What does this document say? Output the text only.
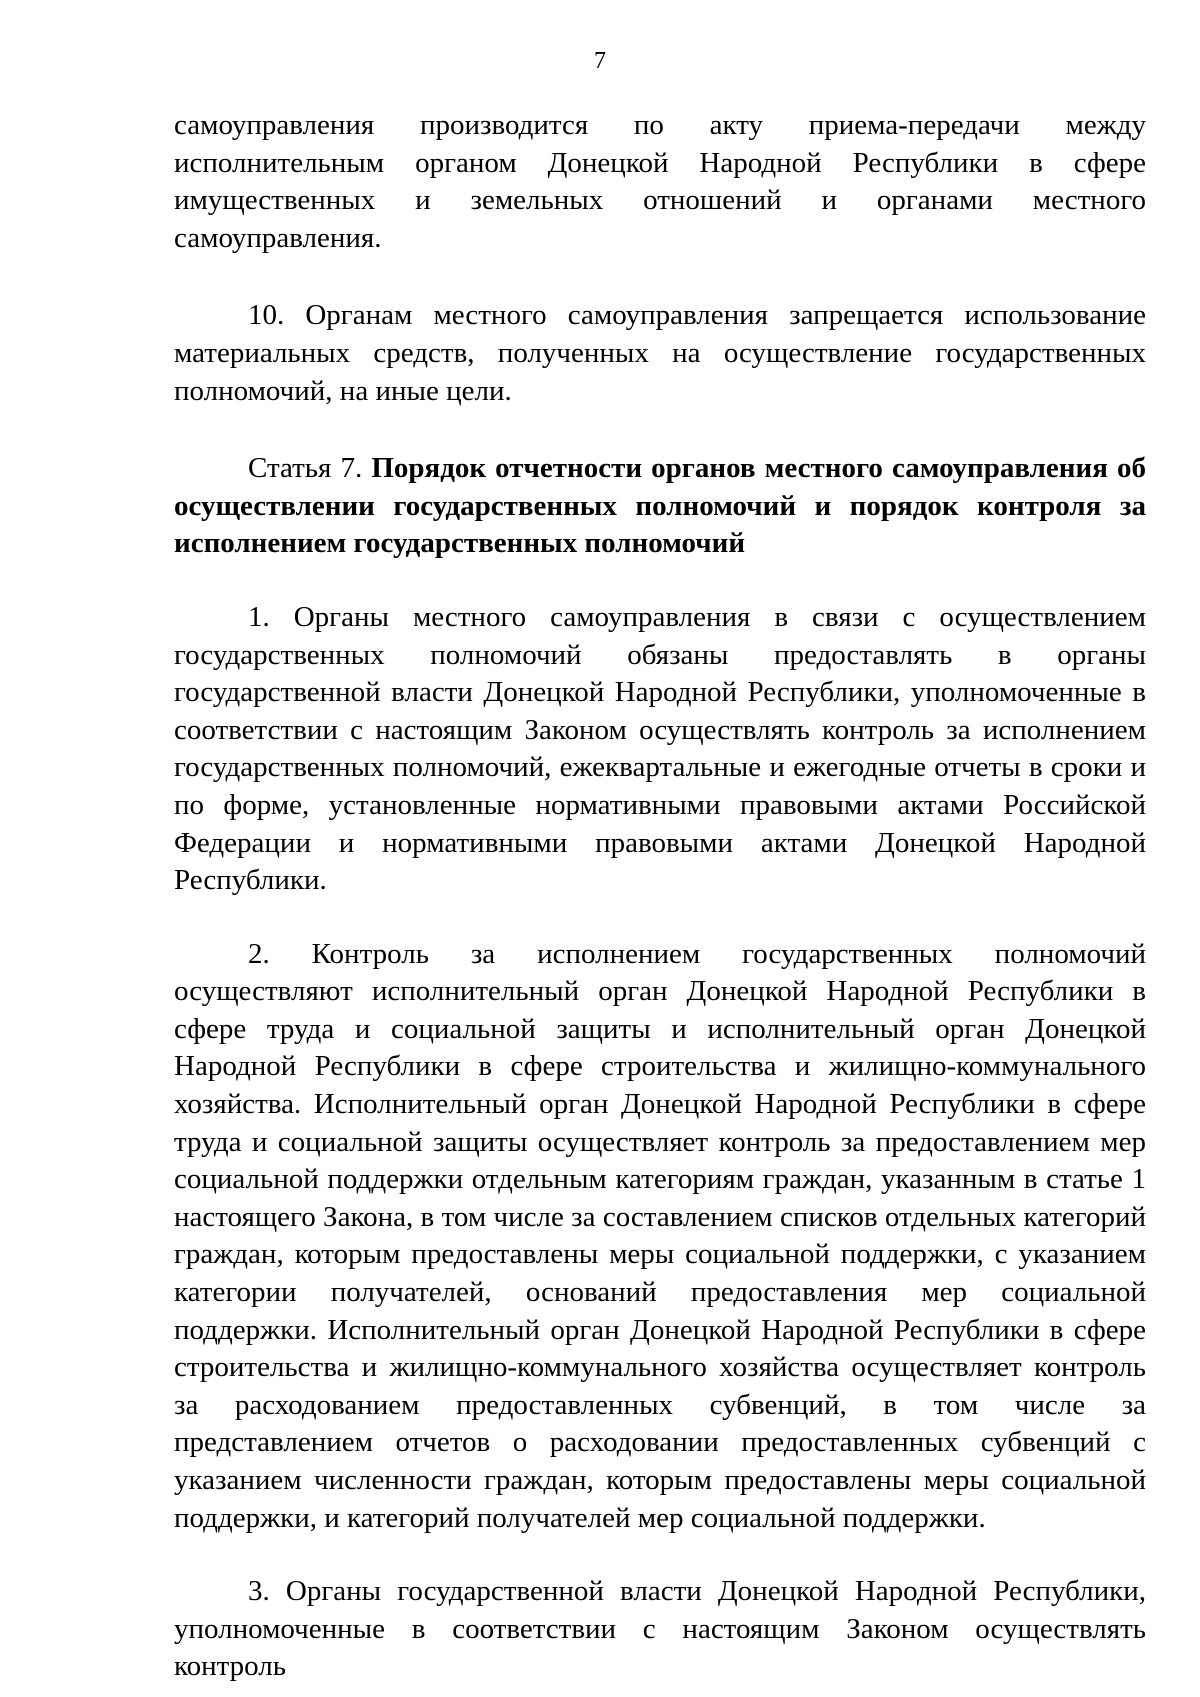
7

самоуправления производится по акту приема-передачи между исполнительным органом Донецкой Народной Республики в сфере имущественных и земельных отношений и органами местного самоуправления.

10. Органам местного самоуправления запрещается использование материальных средств, полученных на осуществление государственных полномочий, на иные цели.

Статья 7. Порядок отчетности органов местного самоуправления об осуществлении государственных полномочий и порядок контроля за исполнением государственных полномочий

1. Органы местного самоуправления в связи с осуществлением государственных полномочий обязаны предоставлять в органы государственной власти Донецкой Народной Республики, уполномоченные в соответствии с настоящим Законом осуществлять контроль за исполнением государственных полномочий, ежеквартальные и ежегодные отчеты в сроки и по форме, установленные нормативными правовыми актами Российской Федерации и нормативными правовыми актами Донецкой Народной Республики.

2. Контроль за исполнением государственных полномочий осуществляют исполнительный орган Донецкой Народной Республики в сфере труда и социальной защиты и исполнительный орган Донецкой Народной Республики в сфере строительства и жилищно-коммунального хозяйства. Исполнительный орган Донецкой Народной Республики в сфере труда и социальной защиты осуществляет контроль за предоставлением мер социальной поддержки отдельным категориям граждан, указанным в статье 1 настоящего Закона, в том числе за составлением списков отдельных категорий граждан, которым предоставлены меры социальной поддержки, с указанием категории получателей, оснований предоставления мер социальной поддержки. Исполнительный орган Донецкой Народной Республики в сфере строительства и жилищно-коммунального хозяйства осуществляет контроль за расходованием предоставленных субвенций, в том числе за представлением отчетов о расходовании предоставленных субвенций с указанием численности граждан, которым предоставлены меры социальной поддержки, и категорий получателей мер социальной поддержки.

3. Органы государственной власти Донецкой Народной Республики, уполномоченные в соответствии с настоящим Законом осуществлять контроль
